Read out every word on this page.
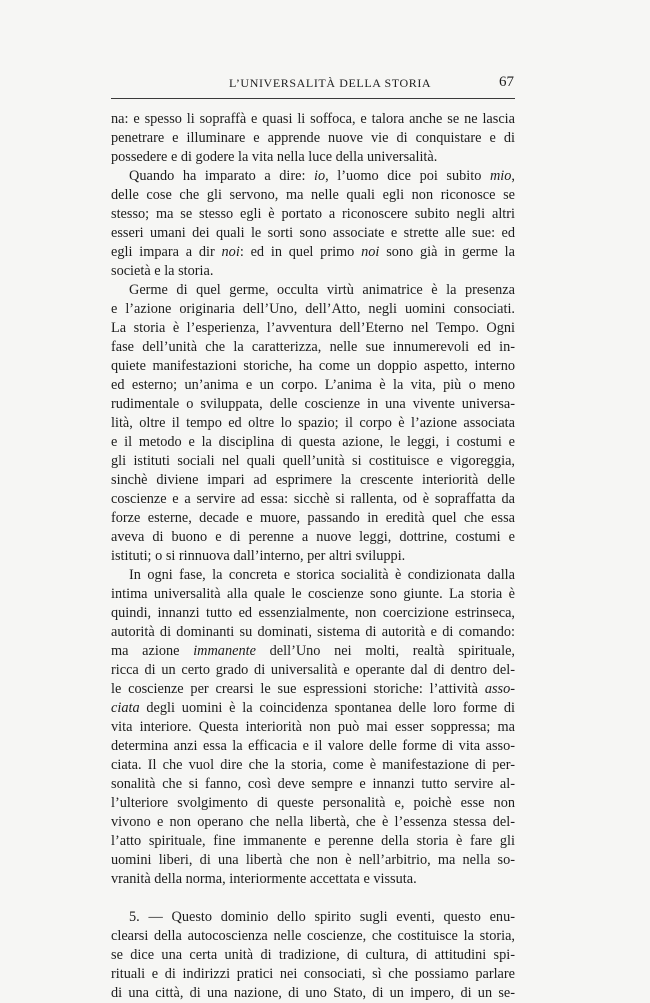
L’UNIVERSALITÀ DELLA STORIA	67
na: e spesso li sopraffà e quasi li soffoca, e talora anche se ne lascia
penetrare e illuminare e apprende nuove vie di conquistare e di
possedere e di godere la vita nella luce della universalità.
Quando ha imparato a dire: io, l’uomo dice poi subito mio,
delle cose che gli servono, ma nelle quali egli non riconosce se
stesso; ma se stesso egli è portato a riconoscere subito negli altri
esseri umani dei quali le sorti sono associate e strette alle sue: ed
egli impara a dir noi: ed in quel primo noi sono già in germe la
società e la storia.
Germe di quel germe, occulta virtù animatrice è la presenza
e l’azione originaria dell’Uno, dell’Atto, negli uomini consociati.
La storia è l’esperienza, l’avventura dell’Eterno nel Tempo. Ogni
fase dell’unità che la caratterizza, nelle sue innumerevoli ed in-
quiete manifestazioni storiche, ha come un doppio aspetto, interno
ed esterno; un’anima e un corpo. L’anima è la vita, più o meno
rudimentale o sviluppata, delle coscienze in una vivente universa-
lità, oltre il tempo ed oltre lo spazio; il corpo è l’azione associata
e il metodo e la disciplina di questa azione, le leggi, i costumi e
gli istituti sociali nel quali quell’unità si costituisce e vigoreggia,
sinchè diviene impari ad esprimere la crescente interiorità delle
coscienze e a servire ad essa: sicchè si rallenta, od è sopraffatta da
forze esterne, decade e muore, passando in eredità quel che essa
aveva di buono e di perenne a nuove leggi, dottrine, costumi e
istituti; o si rinnuova dall’interno, per altri sviluppi.
In ogni fase, la concreta e storica socialità è condizionata dalla
intima universalità alla quale le coscienze sono giunte. La storia è
quindi, innanzi tutto ed essenzialmente, non coercizione estrinseca,
autorità di dominanti su dominati, sistema di autorità e di comando:
ma azione immanente dell’Uno nei molti, realtà spirituale,
ricca di un certo grado di universalità e operante dal di dentro del-
le coscienze per crearsi le sue espressioni storiche: l’attività asso-
ciata degli uomini è la coincidenza spontanea delle loro forme di
vita interiore. Questa interiorità non può mai esser soppressa; ma
determina anzi essa la efficacia e il valore delle forme di vita asso-
ciata. Il che vuol dire che la storia, come è manifestazione di per-
sonalità che si fanno, così deve sempre e innanzi tutto servire al-
l’ulteriore svolgimento di queste personalità e, poichè esse non
vivono e non operano che nella libertà, che è l’essenza stessa del-
l’atto spirituale, fine immanente e perenne della storia è fare gli
uomini liberi, di una libertà che non è nell’arbitrio, ma nella so-
vranità della norma, interiormente accettata e vissuta.
5. — Questo dominio dello spirito sugli eventi, questo enu-
clearsi della autocoscienza nelle coscienze, che costituisce la storia,
se dice una certa unità di tradizione, di cultura, di attitudini spi-
rituali e di indirizzi pratici nei consociati, sì che possiamo parlare
di una città, di una nazione, di uno Stato, di un impero, di un se-
